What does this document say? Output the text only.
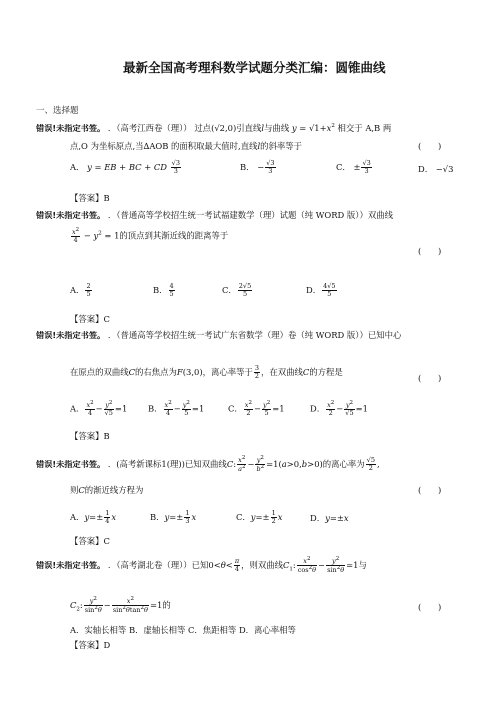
最新全国高考理科数学试题分类汇编：圆锥曲线
一、选择题
错误!未指定书签。 ．（高考江西卷（理）） 过点(√2,0)引直线l与曲线 $y = √1+x^2$ 相交于 A,B 两
点,O 为坐标原点,当∆AOB 的面积取最大值时,直线l的斜率等于	(　　)
A． y = EB + BC + CD $\frac{√3}{3}$	B． − $\frac{√3}{3}$	C． ± $\frac{√3}{3}$	D． −√3
【答案】B
错误!未指定书签。 ．（普通高等学校招生统一考试福建数学（理）试题（纯 WORD 版））双曲线
$\frac{x^2}{4} - y^2 = 1$的顶点到其渐近线的距离等于
(　　)
A． $\frac{2}{5}$	B． $\frac{4}{5}$	C． $\frac{2√5}{5}$	D． $\frac{4√5}{5}$
【答案】C
错误!未指定书签。 ．（普通高等学校招生统一考试广东省数学（理）卷（纯 WORD 版））已知中心
在原点的双曲线C的右焦点为F(3,0)，离心率等于 $\frac{3}{2}$ ，在双曲线C的方程是
(　　)
A． $\frac{x^2}{4} - \frac{y^2}{√5} =1$ B． $\frac{x^2}{4} - \frac{y^2}{5} =1$	C． $\frac{x^2}{2} - \frac{y^2}{5} =1$	D． $\frac{x^2}{2} - \frac{y^2}{√5} =1$
【答案】B
错误!未指定书签。 ．(高考新课标1(理))已知双曲线C: $\frac{x^2}{a^2} - \frac{y^2}{b^2} =1(a>0,b>0)$的离心率为 $\frac{√5}{2}$ ,
则C的渐近线方程为	(　　)
A．$y=\pm \frac{1}{4}$ x	B．$y=\pm \frac{1}{3}$ x	C．$y=\pm \frac{1}{2}$ x	D．y=±x
【答案】C
错误!未指定书签。 ．（高考湖北卷（理））已知$0<\theta< \frac{\pi}{4}$ ，则双曲线$C_1$: $\frac{x^2}{\cos^2\theta} - \frac{y^2}{\sin^2\theta} =1$与
$C_2$: $\frac{y^2}{\sin^2\theta} - \frac{x^2}{\sin^2\theta\tan^2\theta} =1$的	(　　)
A．实轴长相等 B．虚轴长相等 C．焦距相等 D．离心率相等
【答案】D
